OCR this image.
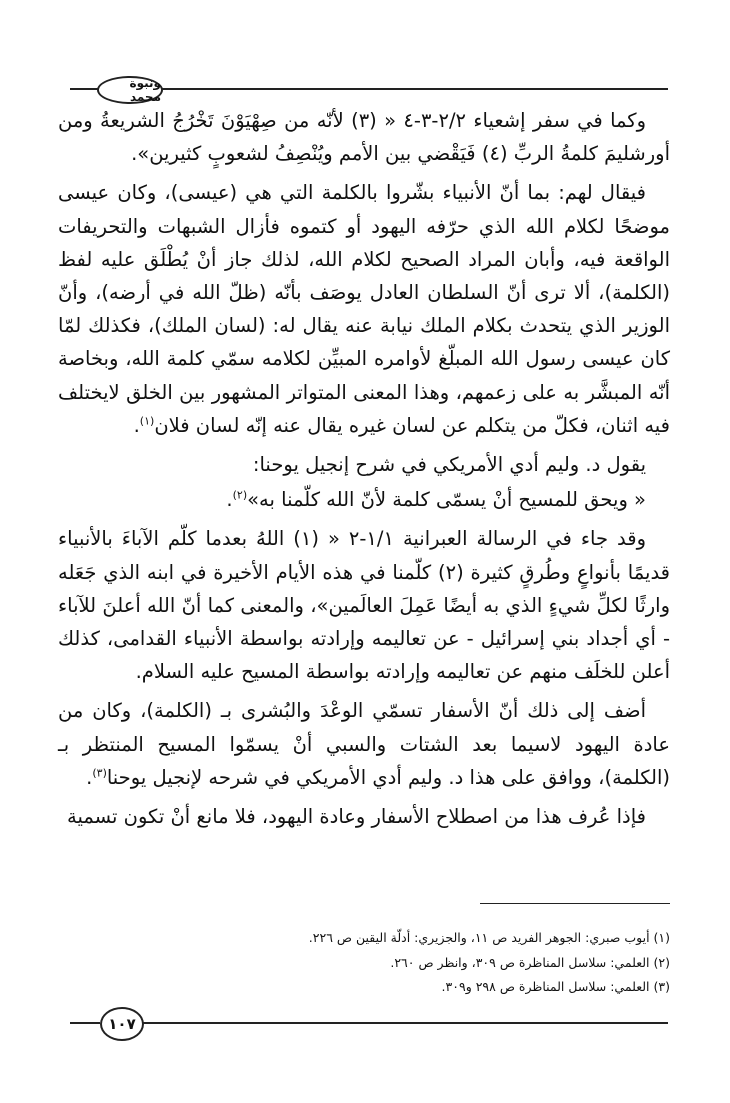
ونبوة محمد

وكما في سفر إشعياء ٢/٢-٣-٤ « (٣) لأنّه من صِهْيَوْنَ تَخْرُجُ الشريعةُ ومن أورشليمَ كلمةُ الربِّ (٤) فَيَقْضي بين الأمم ويُنْصِفُ لشعوبٍ كثيرين».

فيقال لهم: بما أنّ الأنبياء بشّروا بالكلمة التي هي (عيسى)، وكان عيسى موضحًا لكلام الله الذي حرّفه اليهود أو كتموه فأزال الشبهات والتحريفات الواقعة فيه، وأبان المراد الصحيح لكلام الله، لذلك جاز أنْ يُطْلَق عليه لفظ (الكلمة)، ألا ترى أنّ السلطان العادل يوصَف بأنّه (ظلّ الله في أرضه)، وأنّ الوزير الذي يتحدث بكلام الملك نيابة عنه يقال له: (لسان الملك)، فكذلك لمّا كان عيسى رسول الله المبلّغ لأوامره المبيِّن لكلامه سمّي كلمة الله، وبخاصة أنّه المبشَّر به على زعمهم، وهذا المعنى المتواتر المشهور بين الخلق لايختلف فيه اثنان، فكلّ من يتكلم عن لسان غيره يقال عنه إنّه لسان فلان$^{(١)}$.

يقول د. وليم أدي الأمريكي في شرح إنجيل يوحنا:

« ويحق للمسيح أنْ يسمّى كلمة لأنّ الله كلّمنا به»$^{(٢)}$.

وقد جاء في الرسالة العبرانية ١/١-٢ « (١) اللهُ بعدما كلّم الآباءَ بالأنبياء قديمًا بأنواعٍ وطُرقٍ كثيرة (٢) كلّمنا في هذه الأيام الأخيرة في ابنه الذي جَعَله وارثًا لكلِّ شيءٍ الذي به أيضًا عَمِلَ العالَمين»، والمعنى كما أنّ الله أعلنَ للآباء - أي أجداد بني إسرائيل - عن تعاليمه وإرادته بواسطة الأنبياء القدامى، كذلك أعلن للخلَف منهم عن تعاليمه وإرادته بواسطة المسيح عليه السلام.

أضف إلى ذلك أنّ الأسفار تسمّي الوعْدَ والبُشرى بـ (الكلمة)، وكان من عادة اليهود لاسيما بعد الشتات والسبي أنْ يسمّوا المسيح المنتظر بـ (الكلمة)، ووافق على هذا د. وليم أدي الأمريكي في شرحه لإنجيل يوحنا$^{(٣)}$.

فإذا عُرف هذا من اصطلاح الأسفار وعادة اليهود، فلا مانع أنْ تكون تسمية

(١) أيوب صبري: الجوهر الفريد ص ١١، والجزيري: أدلّة اليقين ص ٢٢٦.

(٢) العلمي: سلاسل المناظرة ص ٣٠٩، وانظر ص ٢٦٠.

(٣) العلمي: سلاسل المناظرة ص ٢٩٨ و٣٠٩.

١٠٧
